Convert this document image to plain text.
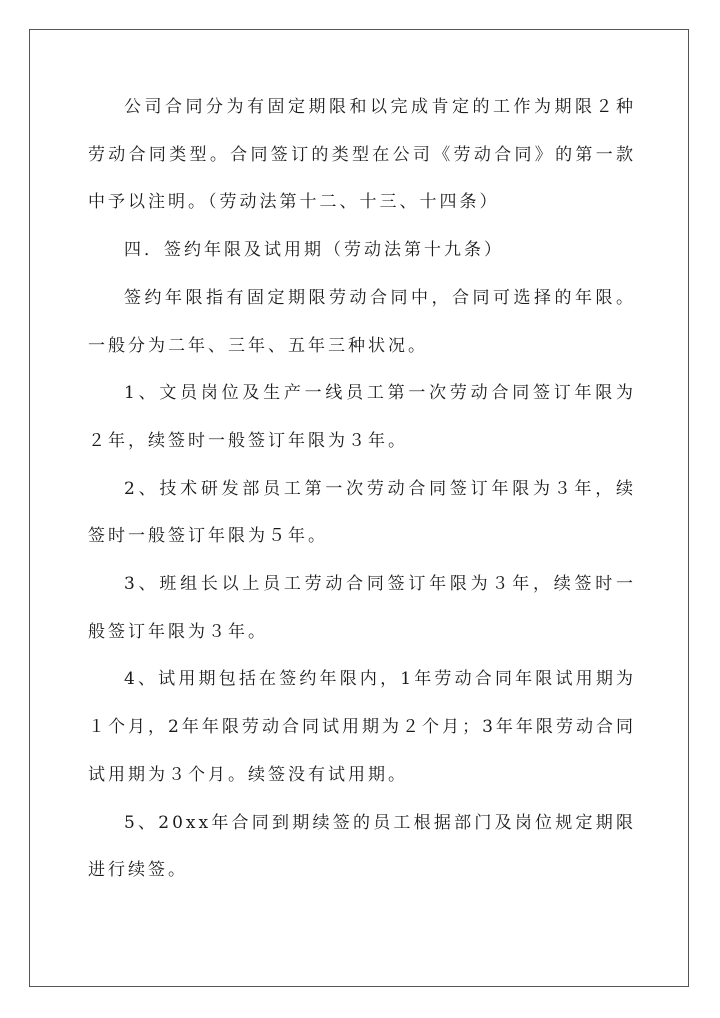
公司合同分为有固定期限和以完成肯定的工作为期限２种劳动合同类型。合同签订的类型在公司《劳动合同》的第一款中予以注明。（劳动法第十二、十三、十四条）

四．签约年限及试用期（劳动法第十九条）

签约年限指有固定期限劳动合同中，合同可选择的年限。一般分为二年、三年、五年三种状况。

1、文员岗位及生产一线员工第一次劳动合同签订年限为２年，续签时一般签订年限为３年。

2、技术研发部员工第一次劳动合同签订年限为３年，续签时一般签订年限为５年。

3、班组长以上员工劳动合同签订年限为３年，续签时一般签订年限为３年。

4、试用期包括在签约年限内，1年劳动合同年限试用期为１个月，2年年限劳动合同试用期为２个月；3年年限劳动合同试用期为３个月。续签没有试用期。

5、20xx年合同到期续签的员工根据部门及岗位规定期限进行续签。
